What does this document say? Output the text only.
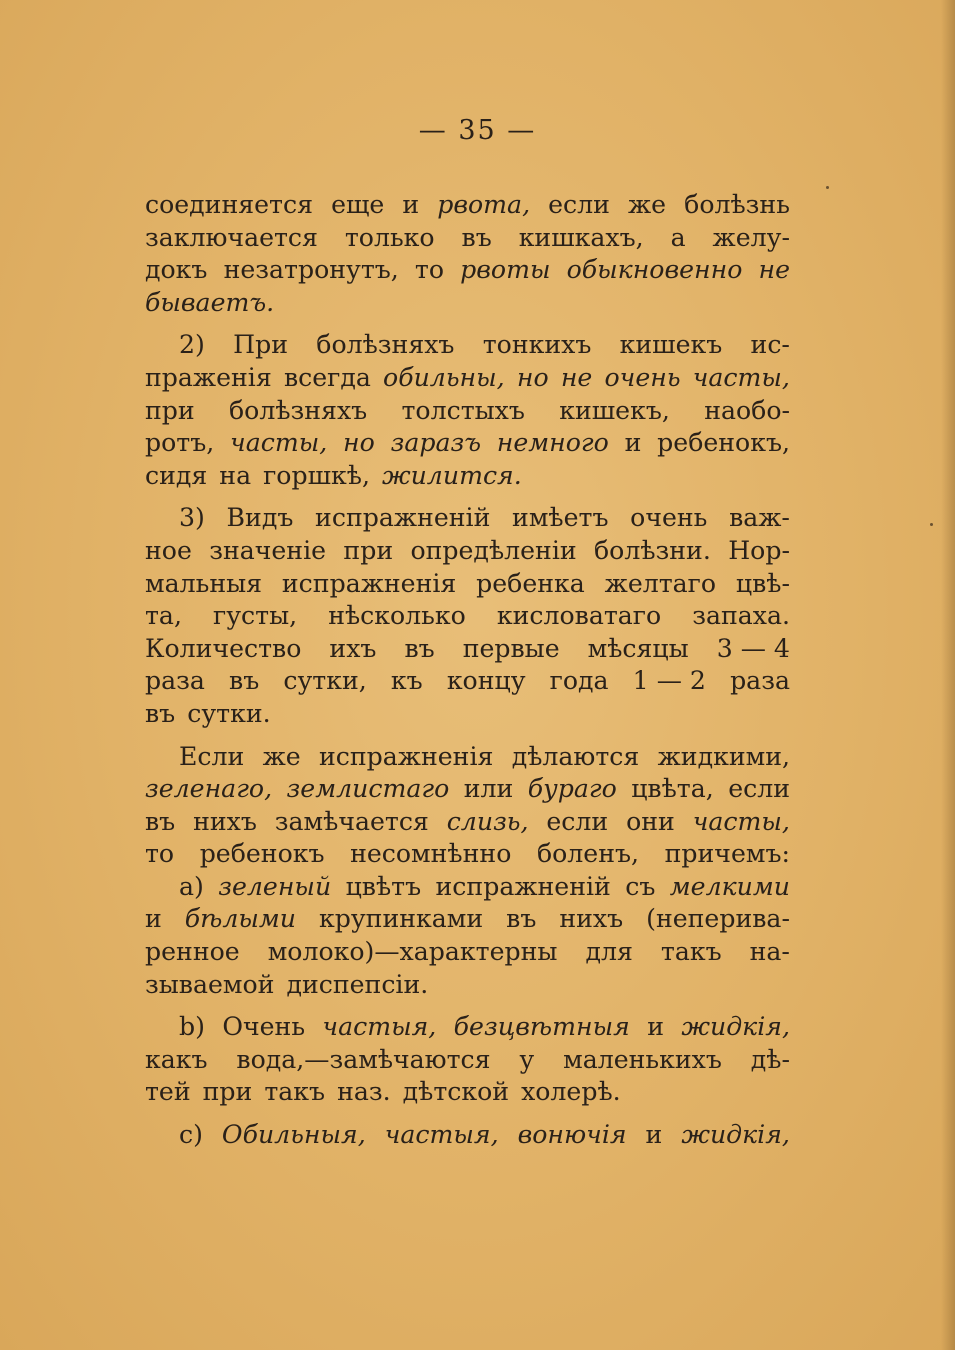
— 35 —
соединяется еще и рвота, если же болѣзнь
заключается только въ кишкахъ, а желу-
докъ незатронутъ, то рвоты обыкновенно не
бываетъ.
2) При болѣзняхъ тонкихъ кишекъ ис-
праженія всегда обильны, но не очень часты,
при болѣзняхъ толстыхъ кишекъ, наобо-
ротъ, часты, но заразъ немного и ребенокъ,
сидя на горшкѣ, жилится.
3) Видъ испражненій имѣетъ очень важ-
ное значеніе при опредѣленіи болѣзни. Нор-
мальныя испражненія ребенка желтаго цвѣ-
та, густы, нѣсколько кисловатаго запаха.
Количество ихъ въ первые мѣсяцы 3 — 4
раза въ сутки, къ концу года 1 — 2 раза
въ сутки.
Если же испражненія дѣлаются жидкими,
зеленаго, землистаго или бураго цвѣта, если
въ нихъ замѣчается слизь, если они часты,
то ребенокъ несомнѣнно боленъ, причемъ:
a) зеленый цвѣтъ испражненій съ мелкими
и бѣлыми крупинками въ нихъ (неперива-
ренное молоко)—характерны для такъ на-
зываемой диспепсіи.
b) Очень частыя, безцвѣтныя и жидкія,
какъ вода,—замѣчаются у маленькихъ дѣ-
тей при такъ наз. дѣтской холерѣ.
c) Обильныя, частыя, вонючія и жидкія,
